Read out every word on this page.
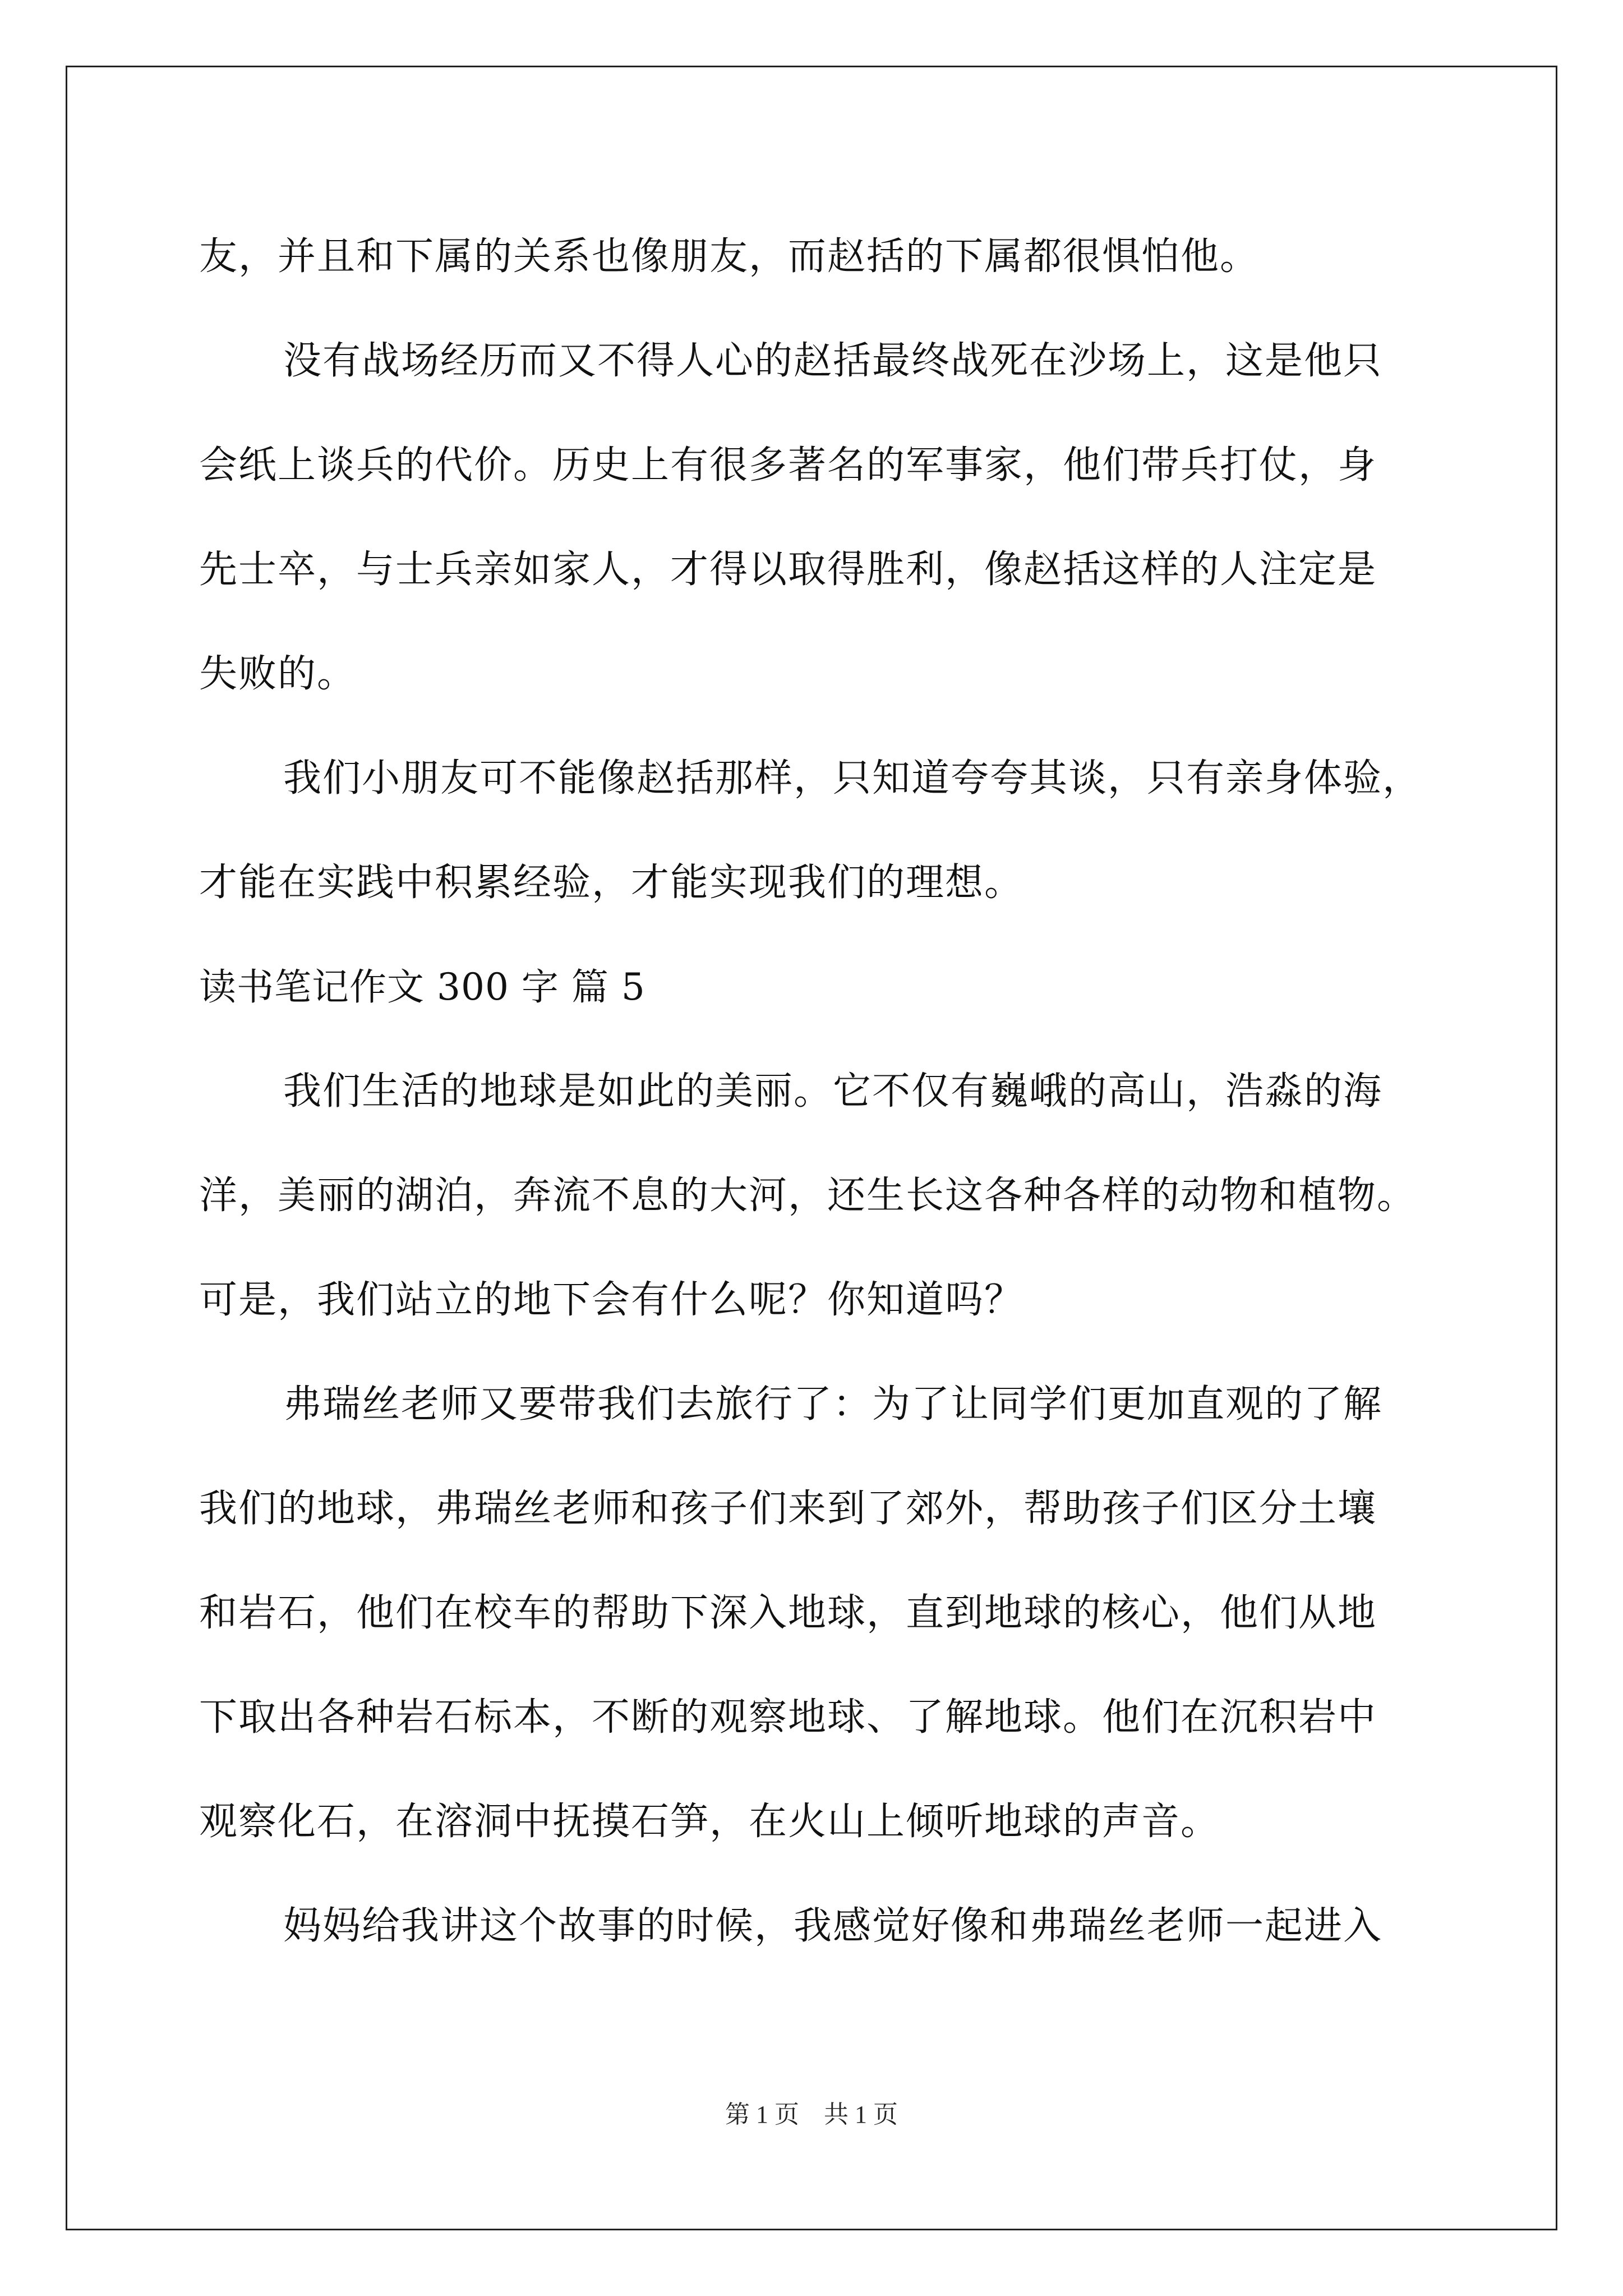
友，并且和下属的关系也像朋友，而赵括的下属都很惧怕他。
没有战场经历而又不得人心的赵括最终战死在沙场上，这是他只
会纸上谈兵的代价。历史上有很多著名的军事家，他们带兵打仗，身
先士卒，与士兵亲如家人，才得以取得胜利，像赵括这样的人注定是
失败的。
我们小朋友可不能像赵括那样，只知道夸夸其谈，只有亲身体验，
才能在实践中积累经验，才能实现我们的理想。
读书笔记作文 300 字 篇 5
我们生活的地球是如此的美丽。它不仅有巍峨的高山，浩淼的海
洋，美丽的湖泊，奔流不息的大河，还生长这各种各样的动物和植物。
可是，我们站立的地下会有什么呢？你知道吗？
弗瑞丝老师又要带我们去旅行了：为了让同学们更加直观的了解
我们的地球，弗瑞丝老师和孩子们来到了郊外，帮助孩子们区分土壤
和岩石，他们在校车的帮助下深入地球，直到地球的核心，他们从地
下取出各种岩石标本，不断的观察地球、了解地球。他们在沉积岩中
观察化石，在溶洞中抚摸石笋，在火山上倾听地球的声音。
妈妈给我讲这个故事的时候，我感觉好像和弗瑞丝老师一起进入
第 1 页　共 1 页
